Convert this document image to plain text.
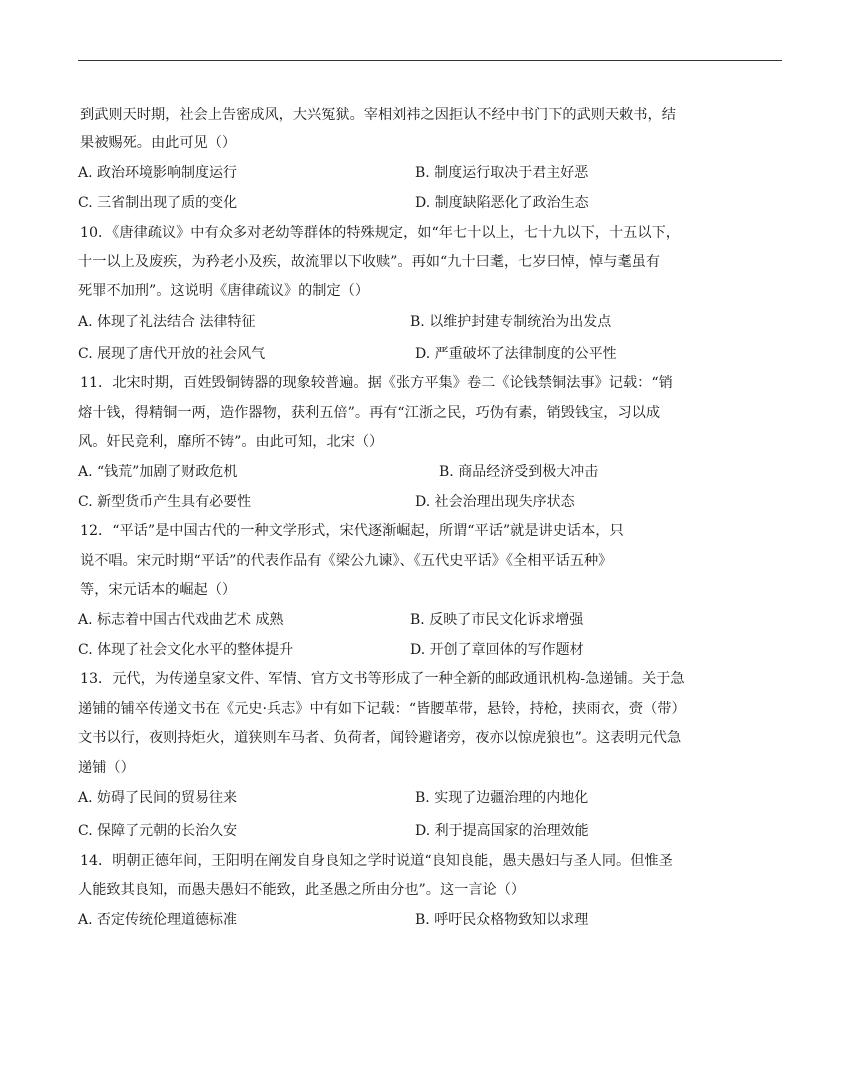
到武则天时期，社会上告密成风，大兴冤狱。宰相刘祎之因拒认不经中书门下的武则天敕书，结
果被赐死。由此可见（）
A. 政治环境影响制度运行	B. 制度运行取决于君主好恶
C. 三省制出现了质的变化	D. 制度缺陷恶化了政治生态
10．《唐律疏议》中有众多对老幼等群体的特殊规定，如“年七十以上，七十九以下，十五以下，
十一以上及废疾，为矜老小及疾，故流罪以下收赎”。再如“九十曰耄，七岁曰悼，悼与耄虽有
死罪不加刑”。这说明《唐律疏议》的制定（）
A. 体现了礼法结合 法律特征	B. 以维护封建专制统治为出发点
C. 展现了唐代开放的社会风气	D. 严重破坏了法律制度的公平性
11．北宋时期，百姓毁铜铸器的现象较普遍。据《张方平集》卷二《论钱禁铜法事》记载：“销
熔十钱，得精铜一两，造作器物，获利五倍”。再有“江浙之民，巧伪有素，销毁钱宝，习以成
风。奸民竞利，靡所不铸”。由此可知，北宋（）
A. “钱荒”加剧了财政危机	B. 商品经济受到极大冲击
C. 新型货币产生具有必要性	D. 社会治理出现失序状态
12．“平话”是中国古代的一种文学形式，宋代逐渐崛起，所谓“平话”就是讲史话本，只
说不唱。宋元时期“平话”的代表作品有《梁公九谏》、《五代史平话》《全相平话五种》
等，宋元话本的崛起（）
A. 标志着中国古代戏曲艺术 成熟	B. 反映了市民文化诉求增强
C. 体现了社会文化水平的整体提升	D. 开创了章回体的写作题材
13．元代，为传递皇家文件、军情、官方文书等形成了一种全新的邮政通讯机构-急递铺。关于急
递铺的铺卒传递文书在《元史·兵志》中有如下记载：“皆腰革带，悬铃，持枪，挟雨衣，赍（带）
文书以行，夜则持炬火，道狭则车马者、负荷者，闻铃避诸旁，夜亦以惊虎狼也”。这表明元代急
递铺（）
A. 妨碍了民间的贸易往来	B. 实现了边疆治理的内地化
C. 保障了元朝的长治久安	D. 利于提高国家的治理效能
14．明朝正德年间，王阳明在阐发自身良知之学时说道“良知良能，愚夫愚妇与圣人同。但惟圣
人能致其良知，而愚夫愚妇不能致，此圣愚之所由分也”。这一言论（）
A. 否定传统伦理道德标准	B. 呼吁民众格物致知以求理
